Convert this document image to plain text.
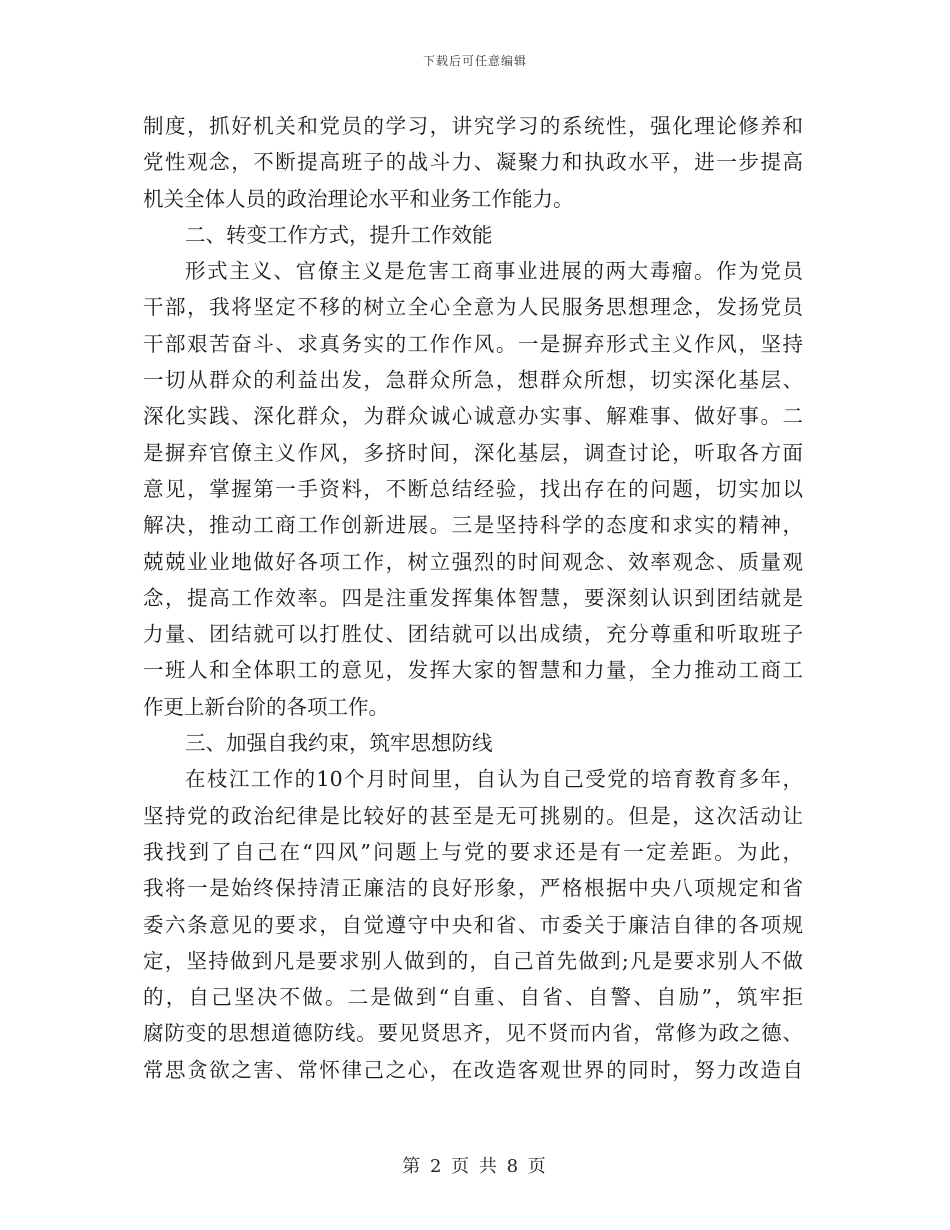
下载后可任意编辑
制度，抓好机关和党员的学习，讲究学习的系统性，强化理论修养和
党性观念，不断提高班子的战斗力、凝聚力和执政水平，进一步提高
机关全体人员的政治理论水平和业务工作能力。
二、转变工作方式，提升工作效能
形式主义、官僚主义是危害工商事业进展的两大毒瘤。作为党员
干部，我将坚定不移的树立全心全意为人民服务思想理念，发扬党员
干部艰苦奋斗、求真务实的工作作风。一是摒弃形式主义作风，坚持
一切从群众的利益出发，急群众所急，想群众所想，切实深化基层、
深化实践、深化群众，为群众诚心诚意办实事、解难事、做好事。二
是摒弃官僚主义作风，多挤时间，深化基层，调查讨论，听取各方面
意见，掌握第一手资料，不断总结经验，找出存在的问题，切实加以
解决，推动工商工作创新进展。三是坚持科学的态度和求实的精神，
兢兢业业地做好各项工作，树立强烈的时间观念、效率观念、质量观
念，提高工作效率。四是注重发挥集体智慧，要深刻认识到团结就是
力量、团结就可以打胜仗、团结就可以出成绩，充分尊重和听取班子
一班人和全体职工的意见，发挥大家的智慧和力量，全力推动工商工
作更上新台阶的各项工作。
三、加强自我约束，筑牢思想防线
在枝江工作的10个月时间里，自认为自己受党的培育教育多年，
坚持党的政治纪律是比较好的甚至是无可挑剔的。但是，这次活动让
我找到了自己在“四风”问题上与党的要求还是有一定差距。为此，
我将一是始终保持清正廉洁的良好形象，严格根据中央八项规定和省
委六条意见的要求，自觉遵守中央和省、市委关于廉洁自律的各项规
定，坚持做到凡是要求别人做到的，自己首先做到;凡是要求别人不做
的，自己坚决不做。二是做到“自重、自省、自警、自励”，筑牢拒
腐防变的思想道德防线。要见贤思齐，见不贤而内省，常修为政之德、
常思贪欲之害、常怀律己之心，在改造客观世界的同时，努力改造自
第 2 页 共 8 页
